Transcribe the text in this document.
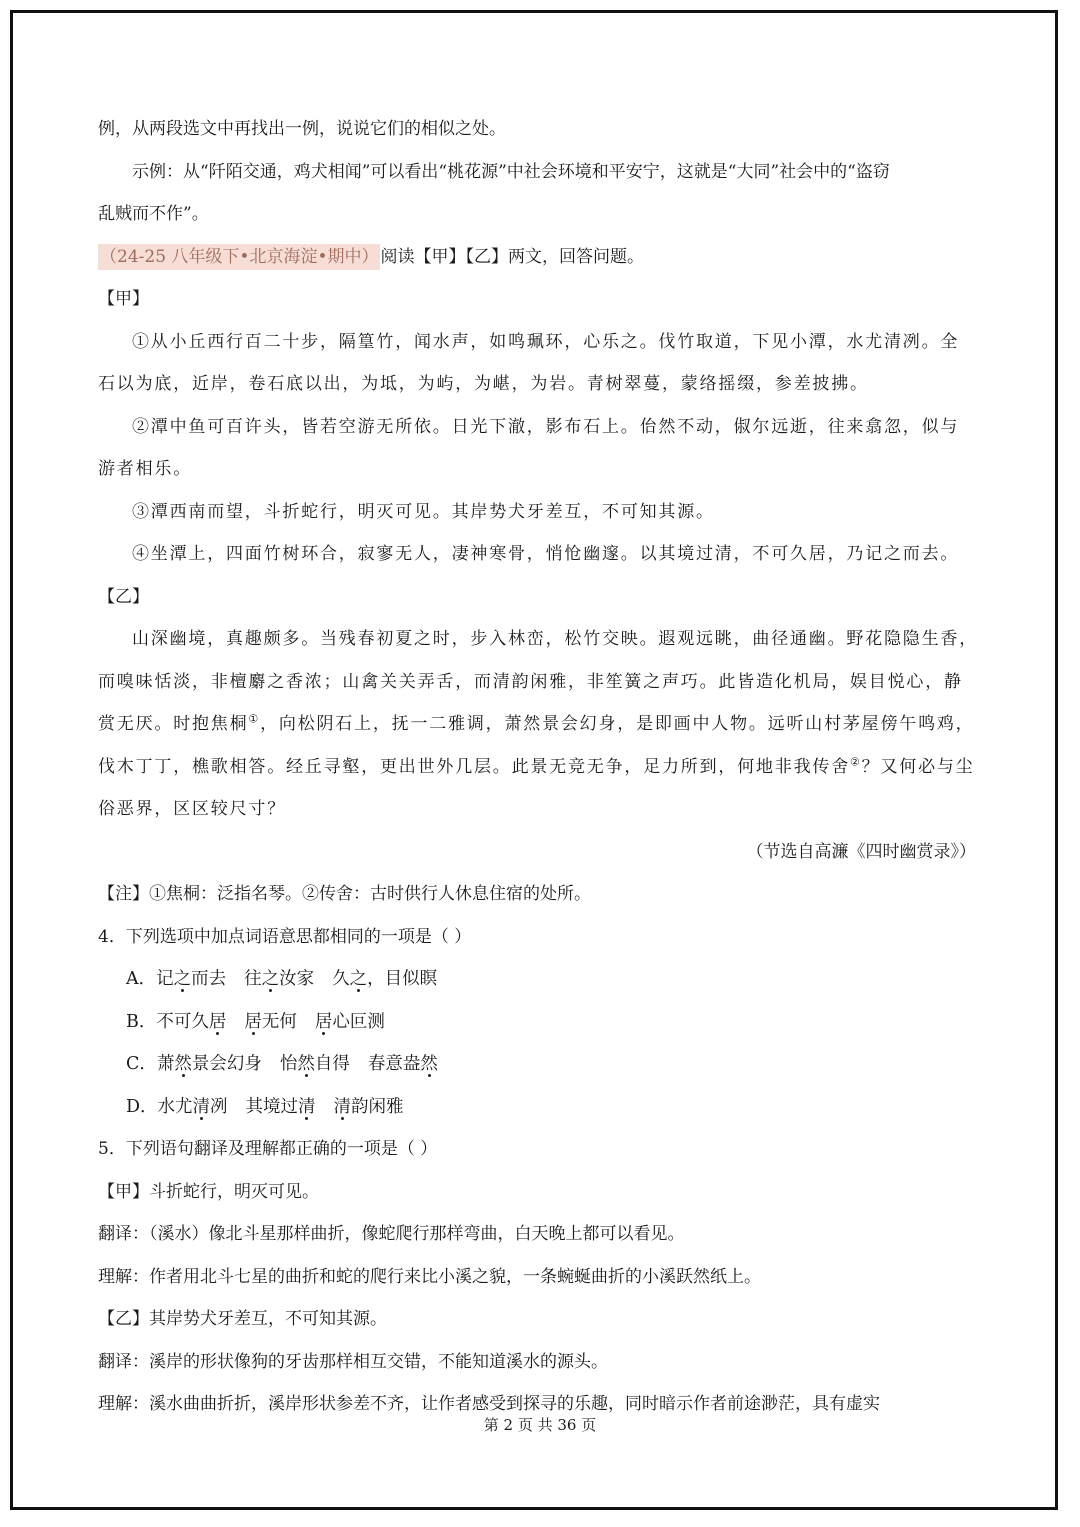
例，从两段选文中再找出一例，说说它们的相似之处。
示例：从“阡陌交通，鸡犬相闻”可以看出“桃花源”中社会环境和平安宁，这就是“大同”社会中的“盗窃
乱贼而不作”。
（24-25 八年级下•北京海淀•期中） 阅读【甲】【乙】两文，回答问题。
【甲】
①从小丘西行百二十步，隔篁竹，闻水声，如鸣珮环，心乐之。伐竹取道，下见小潭，水尤清冽。全
石以为底，近岸，卷石底以出，为坻，为屿，为嵁，为岩。青树翠蔓，蒙络摇缀，参差披拂。
②潭中鱼可百许头，皆若空游无所依。日光下澈，影布石上。佁然不动，俶尔远逝，往来翕忽，似与
游者相乐。
③潭西南而望，斗折蛇行，明灭可见。其岸势犬牙差互，不可知其源。
④坐潭上，四面竹树环合，寂寥无人，凄神寒骨，悄怆幽邃。以其境过清，不可久居，乃记之而去。
【乙】
山深幽境，真趣颇多。当残春初夏之时，步入林峦，松竹交映。遐观远眺，曲径通幽。野花隐隐生香，
而嗅味恬淡，非檀麝之香浓；山禽关关弄舌，而清韵闲雅，非笙簧之声巧。此皆造化机局，娱目悦心，静
赏无厌。时抱焦桐①，向松阴石上，抚一二雅调，萧然景会幻身，是即画中人物。远听山村茅屋傍午鸣鸡，
伐木丁丁，樵歌相答。经丘寻壑，更出世外几层。此景无竞无争，足力所到，何地非我传舍②？又何必与尘
俗恶界，区区较尺寸？
（节选自高濂《四时幽赏录》）
【注】①焦桐：泛指名琴。②传舍：古时供行人休息住宿的处所。
4．下列选项中加点词语意思都相同的一项是（ ）
A．记之而去 往之汝家 久之，目似瞑
B．不可久居 居无何 居心叵测
C．萧然景会幻身 怡然自得 春意盎然
D．水尤清冽 其境过清 清韵闲雅
5．下列语句翻译及理解都正确的一项是（ ）
【甲】斗折蛇行，明灭可见。
翻译：（溪水）像北斗星那样曲折，像蛇爬行那样弯曲，白天晚上都可以看见。
理解：作者用北斗七星的曲折和蛇的爬行来比小溪之貌，一条蜿蜒曲折的小溪跃然纸上。
【乙】其岸势犬牙差互，不可知其源。
翻译：溪岸的形状像狗的牙齿那样相互交错，不能知道溪水的源头。
理解：溪水曲曲折折，溪岸形状参差不齐，让作者感受到探寻的乐趣，同时暗示作者前途渺茫，具有虚实
第 2 页 共 36 页
